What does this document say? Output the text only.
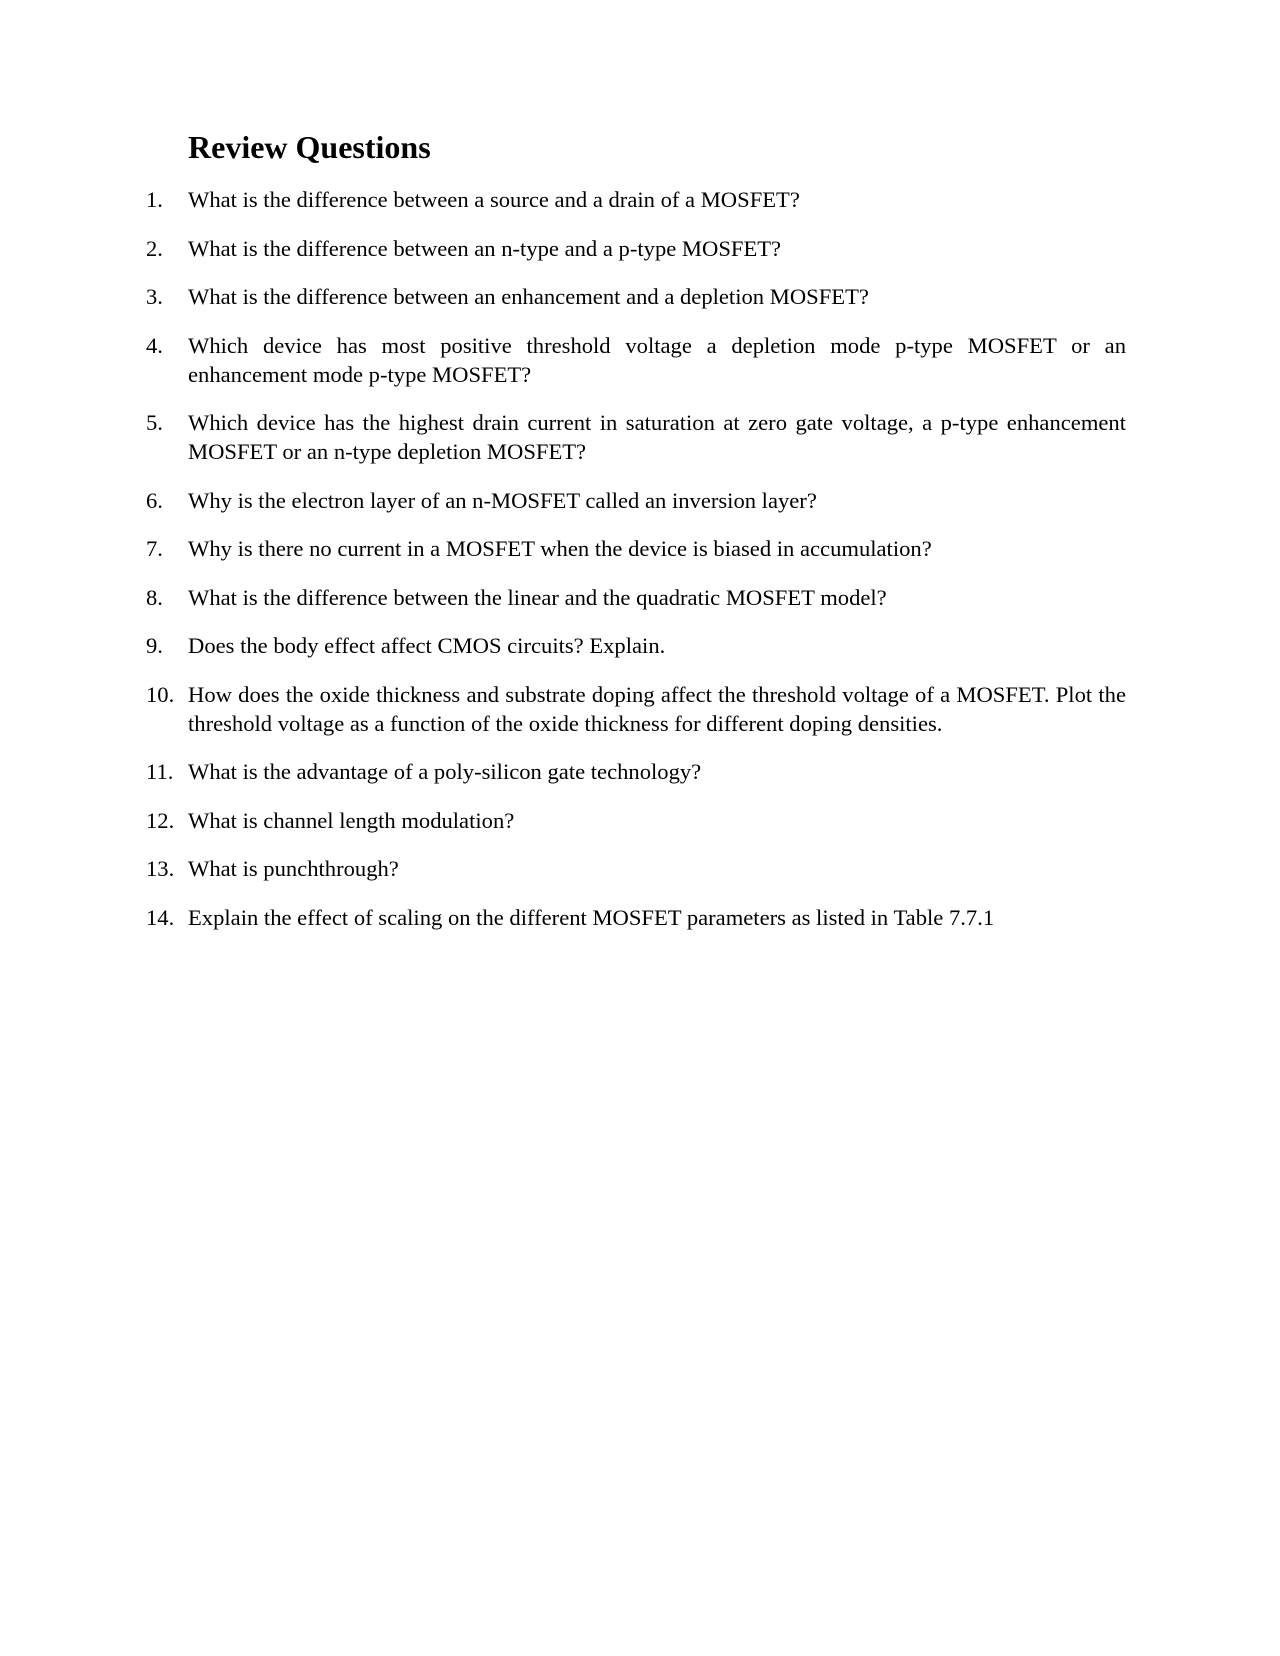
Review Questions
1. What is the difference between a source and a drain of a MOSFET?
2. What is the difference between an n-type and a p-type MOSFET?
3. What is the difference between an enhancement and a depletion MOSFET?
4. Which device has most positive threshold voltage a depletion mode p-type MOSFET or an enhancement mode p-type MOSFET?
5. Which device has the highest drain current in saturation at zero gate voltage, a p-type enhancement MOSFET or an n-type depletion MOSFET?
6. Why is the electron layer of an n-MOSFET called an inversion layer?
7. Why is there no current in a MOSFET when the device is biased in accumulation?
8. What is the difference between the linear and the quadratic MOSFET model?
9. Does the body effect affect CMOS circuits? Explain.
10. How does the oxide thickness and substrate doping affect the threshold voltage of a MOSFET. Plot the threshold voltage as a function of the oxide thickness for different doping densities.
11. What is the advantage of a poly-silicon gate technology?
12. What is channel length modulation?
13. What is punchthrough?
14. Explain the effect of scaling on the different MOSFET parameters as listed in Table 7.7.1
